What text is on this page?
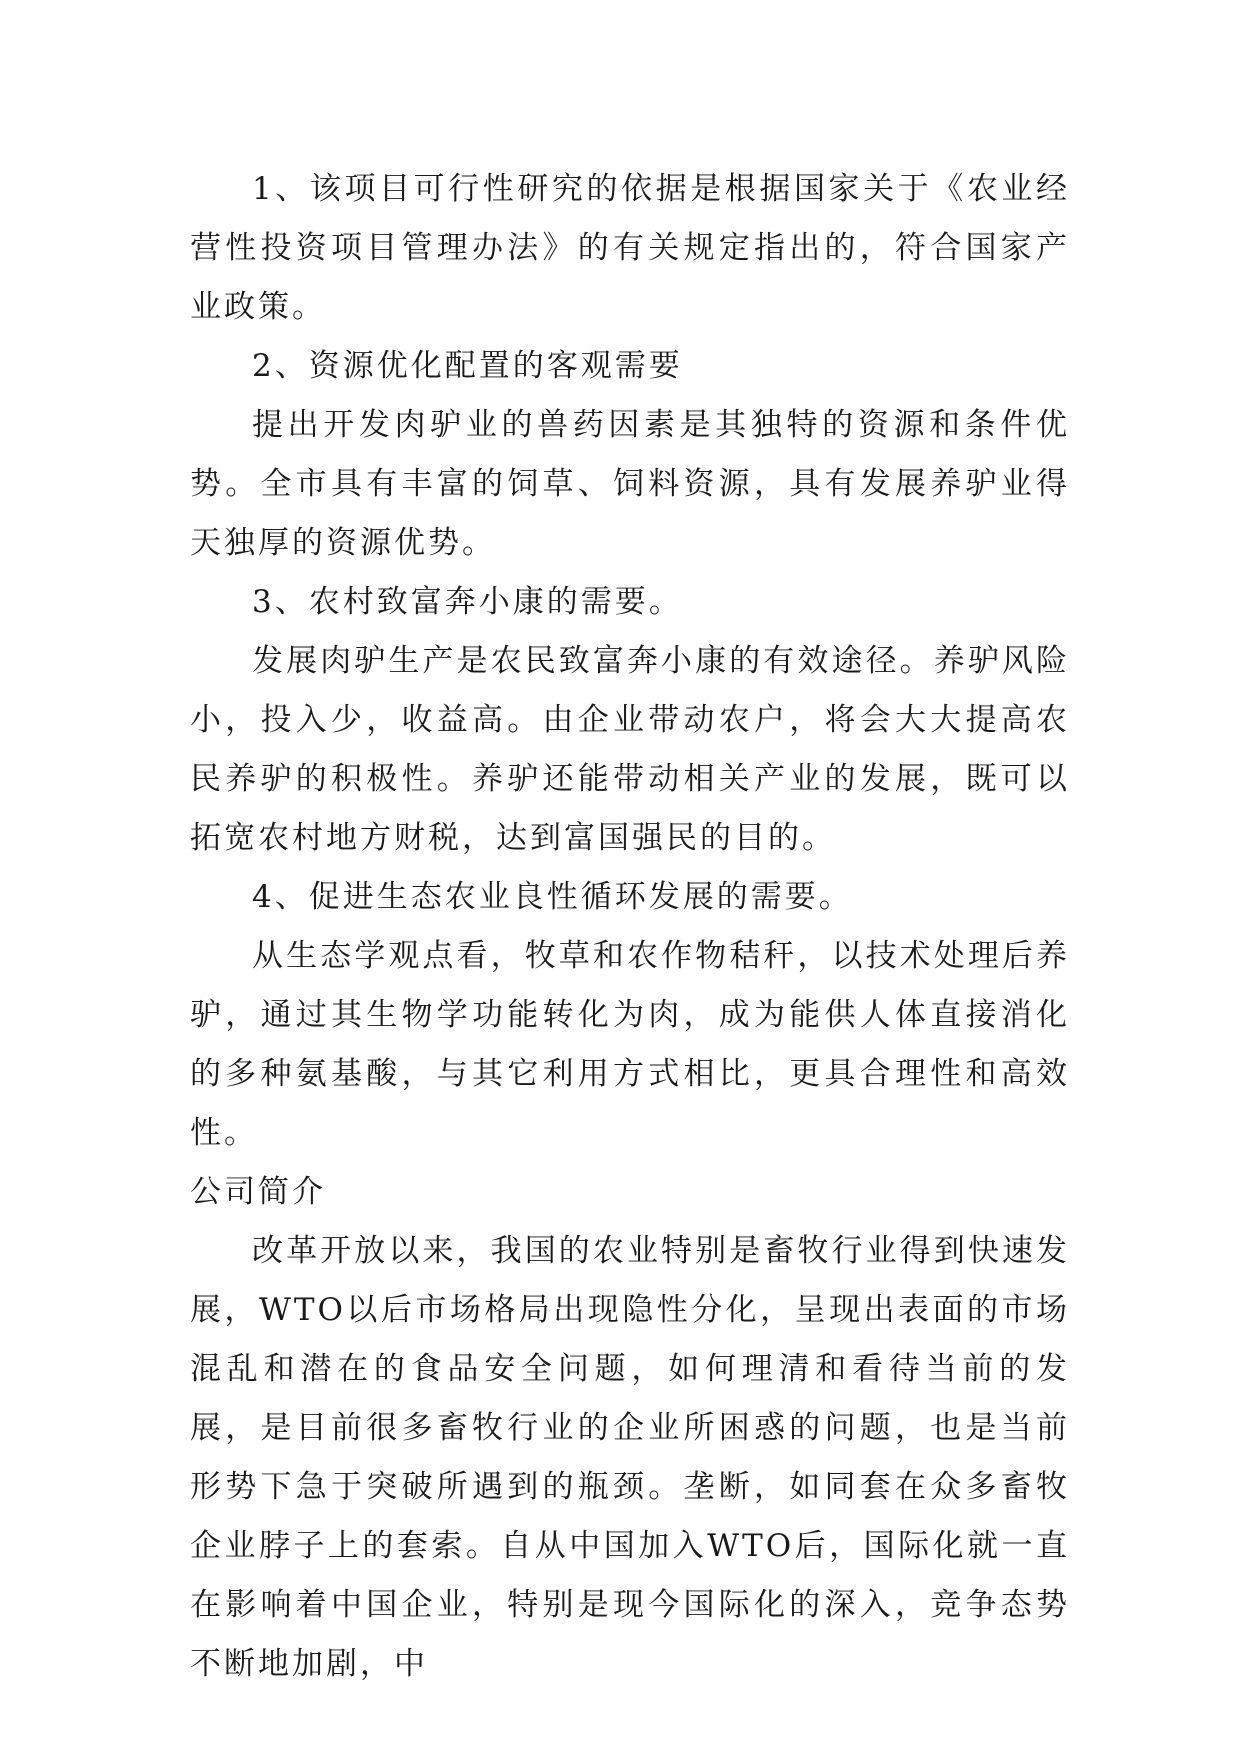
1、该项目可行性研究的依据是根据国家关于《农业经营性投资项目管理办法》的有关规定指出的，符合国家产业政策。

2、资源优化配置的客观需要

提出开发肉驴业的兽药因素是其独特的资源和条件优势。全市具有丰富的饲草、饲料资源，具有发展养驴业得天独厚的资源优势。

3、农村致富奔小康的需要。

发展肉驴生产是农民致富奔小康的有效途径。养驴风险小，投入少，收益高。由企业带动农户，将会大大提高农民养驴的积极性。养驴还能带动相关产业的发展，既可以拓宽农村地方财税，达到富国强民的目的。

4、促进生态农业良性循环发展的需要。

从生态学观点看，牧草和农作物秸秆，以技术处理后养驴，通过其生物学功能转化为肉，成为能供人体直接消化的多种氨基酸，与其它利用方式相比，更具合理性和高效性。

公司简介

改革开放以来，我国的农业特别是畜牧行业得到快速发展，WTO以后市场格局出现隐性分化，呈现出表面的市场混乱和潜在的食品安全问题，如何理清和看待当前的发展，是目前很多畜牧行业的企业所困惑的问题，也是当前形势下急于突破所遇到的瓶颈。垄断，如同套在众多畜牧企业脖子上的套索。自从中国加入WTO后，国际化就一直在影响着中国企业，特别是现今国际化的深入，竞争态势不断地加剧，中
